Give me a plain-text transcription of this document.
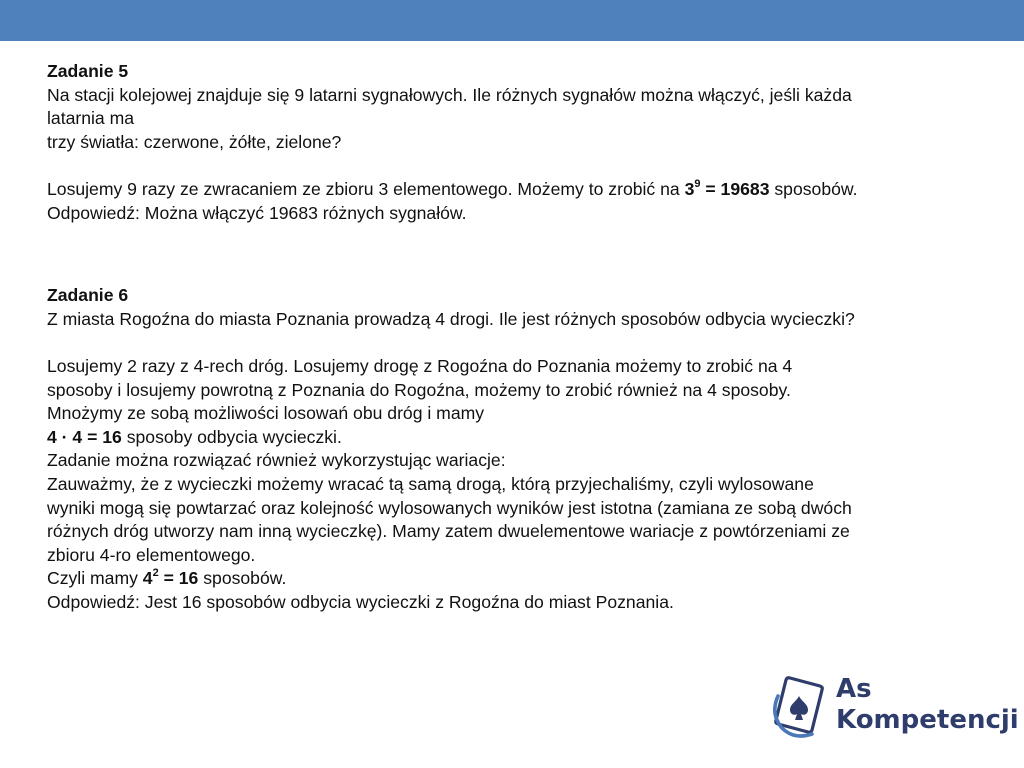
Zadanie 5
Na stacji kolejowej znajduje się 9 latarni sygnałowych. Ile różnych sygnałów można włączyć, jeśli każda
latarnia ma
trzy światła: czerwone, żółte, zielone?
Losujemy 9 razy ze zwracaniem ze zbioru 3 elementowego. Możemy to zrobić na $3^9 = 19683$ sposobów.
Odpowiedź: Można włączyć 19683 różnych sygnałów.
Zadanie 6
Z miasta Rogoźna do miasta Poznania prowadzą 4 drogi. Ile jest różnych sposobów odbycia wycieczki?
Losujemy 2 razy z 4-rech dróg. Losujemy drogę z Rogoźna do Poznania możemy to zrobić na 4
sposoby i losujemy powrotną z Poznania do Rogoźna, możemy to zrobić również na 4 sposoby.
Mnożymy ze sobą możliwości losowań obu dróg i mamy
4 · 4 = 16 sposoby odbycia wycieczki.
Zadanie można rozwiązać również wykorzystując wariacje:
Zauważmy, że z wycieczki możemy wracać tą samą drogą, którą przyjechaliśmy, czyli wylosowane
wyniki mogą się powtarzać oraz kolejność wylosowanych wyników jest istotna (zamiana ze sobą dwóch
różnych dróg utworzy nam inną wycieczkę). Mamy zatem dwuelementowe wariacje z powtórzeniami ze
zbioru 4-ro elementowego.
Czyli mamy $4^2 = 16$ sposobów.
Odpowiedź: Jest 16 sposobów odbycia wycieczki z Rogoźna do miast Poznania.
As
Kompetencji
